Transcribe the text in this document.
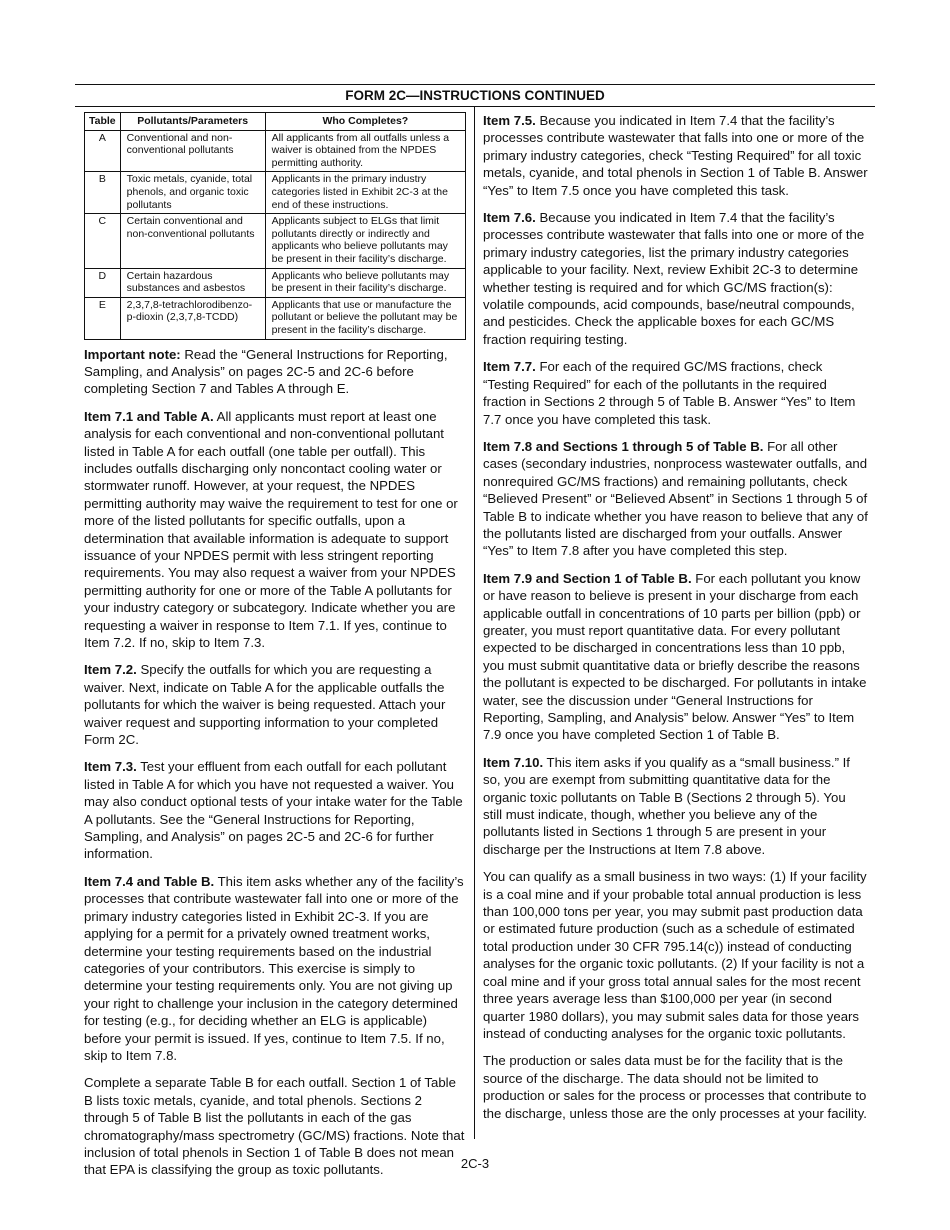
FORM 2C—INSTRUCTIONS CONTINUED
Table	Pollutants/Parameters	Who Completes?
A	Conventional and non-conventional pollutants	All applicants from all outfalls unless a waiver is obtained from the NPDES permitting authority.
B	Toxic metals, cyanide, total phenols, and organic toxic pollutants	Applicants in the primary industry categories listed in Exhibit 2C-3 at the end of these instructions.
C	Certain conventional and non-conventional pollutants	Applicants subject to ELGs that limit pollutants directly or indirectly and applicants who believe pollutants may be present in their facility’s discharge.
D	Certain hazardous substances and asbestos	Applicants who believe pollutants may be present in their facility’s discharge.
E	2,3,7,8-tetrachlorodibenzo-p-dioxin (2,3,7,8-TCDD)	Applicants that use or manufacture the pollutant or believe the pollutant may be present in the facility’s discharge.

Important note: Read the “General Instructions for Reporting, Sampling, and Analysis” on pages 2C-5 and 2C-6 before completing Section 7 and Tables A through E.

Item 7.1 and Table A. All applicants must report at least one analysis for each conventional and non-conventional pollutant listed in Table A for each outfall (one table per outfall). This includes outfalls discharging only noncontact cooling water or stormwater runoff. However, at your request, the NPDES permitting authority may waive the requirement to test for one or more of the listed pollutants for specific outfalls, upon a determination that available information is adequate to support issuance of your NPDES permit with less stringent reporting requirements. You may also request a waiver from your NPDES permitting authority for one or more of the Table A pollutants for your industry category or subcategory. Indicate whether you are requesting a waiver in response to Item 7.1. If yes, continue to Item 7.2. If no, skip to Item 7.3.

Item 7.2. Specify the outfalls for which you are requesting a waiver. Next, indicate on Table A for the applicable outfalls the pollutants for which the waiver is being requested. Attach your waiver request and supporting information to your completed Form 2C.

Item 7.3. Test your effluent from each outfall for each pollutant listed in Table A for which you have not requested a waiver. You may also conduct optional tests of your intake water for the Table A pollutants. See the “General Instructions for Reporting, Sampling, and Analysis” on pages 2C-5 and 2C-6 for further information.

Item 7.4 and Table B. This item asks whether any of the facility’s processes that contribute wastewater fall into one or more of the primary industry categories listed in Exhibit 2C-3. If you are applying for a permit for a privately owned treatment works, determine your testing requirements based on the industrial categories of your contributors. This exercise is simply to determine your testing requirements only. You are not giving up your right to challenge your inclusion in the category determined for testing (e.g., for deciding whether an ELG is applicable) before your permit is issued. If yes, continue to Item 7.5. If no, skip to Item 7.8.

Complete a separate Table B for each outfall. Section 1 of Table B lists toxic metals, cyanide, and total phenols. Sections 2 through 5 of Table B list the pollutants in each of the gas chromatography/mass spectrometry (GC/MS) fractions. Note that inclusion of total phenols in Section 1 of Table B does not mean that EPA is classifying the group as toxic pollutants.

Item 7.5. Because you indicated in Item 7.4 that the facility’s processes contribute wastewater that falls into one or more of the primary industry categories, check “Testing Required” for all toxic metals, cyanide, and total phenols in Section 1 of Table B. Answer “Yes” to Item 7.5 once you have completed this task.

Item 7.6. Because you indicated in Item 7.4 that the facility’s processes contribute wastewater that falls into one or more of the primary industry categories, list the primary industry categories applicable to your facility. Next, review Exhibit 2C-3 to determine whether testing is required and for which GC/MS fraction(s): volatile compounds, acid compounds, base/neutral compounds, and pesticides. Check the applicable boxes for each GC/MS fraction requiring testing.

Item 7.7. For each of the required GC/MS fractions, check “Testing Required” for each of the pollutants in the required fraction in Sections 2 through 5 of Table B. Answer “Yes” to Item 7.7 once you have completed this task.

Item 7.8 and Sections 1 through 5 of Table B. For all other cases (secondary industries, nonprocess wastewater outfalls, and nonrequired GC/MS fractions) and remaining pollutants, check “Believed Present” or “Believed Absent” in Sections 1 through 5 of Table B to indicate whether you have reason to believe that any of the pollutants listed are discharged from your outfalls. Answer “Yes” to Item 7.8 after you have completed this step.

Item 7.9 and Section 1 of Table B. For each pollutant you know or have reason to believe is present in your discharge from each applicable outfall in concentrations of 10 parts per billion (ppb) or greater, you must report quantitative data. For every pollutant expected to be discharged in concentrations less than 10 ppb, you must submit quantitative data or briefly describe the reasons the pollutant is expected to be discharged. For pollutants in intake water, see the discussion under “General Instructions for Reporting, Sampling, and Analysis” below. Answer “Yes” to Item 7.9 once you have completed Section 1 of Table B.

Item 7.10. This item asks if you qualify as a “small business.” If so, you are exempt from submitting quantitative data for the organic toxic pollutants on Table B (Sections 2 through 5). You still must indicate, though, whether you believe any of the pollutants listed in Sections 1 through 5 are present in your discharge per the Instructions at Item 7.8 above.

You can qualify as a small business in two ways: (1) If your facility is a coal mine and if your probable total annual production is less than 100,000 tons per year, you may submit past production data or estimated future production (such as a schedule of estimated total production under 30 CFR 795.14(c)) instead of conducting analyses for the organic toxic pollutants. (2) If your facility is not a coal mine and if your gross total annual sales for the most recent three years average less than $100,000 per year (in second quarter 1980 dollars), you may submit sales data for those years instead of conducting analyses for the organic toxic pollutants.

The production or sales data must be for the facility that is the source of the discharge. The data should not be limited to production or sales for the process or processes that contribute to the discharge, unless those are the only processes at your facility.

2C-3
